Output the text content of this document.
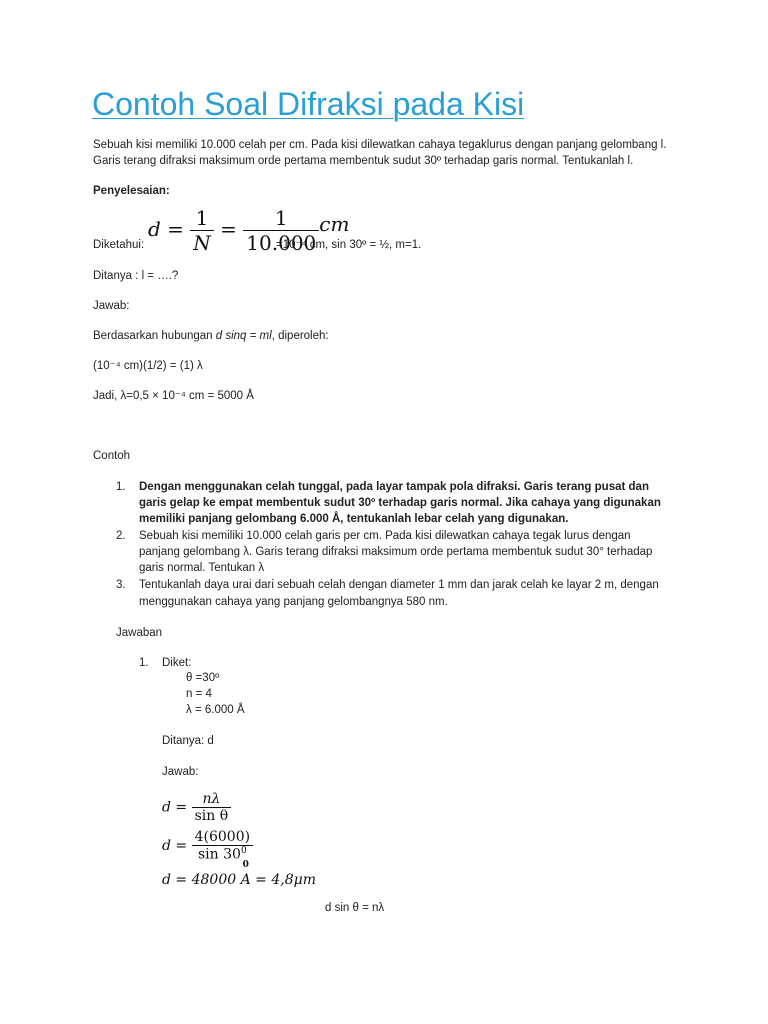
Contoh Soal Difraksi pada Kisi
Sebuah kisi memiliki 10.000 celah per cm. Pada kisi dilewatkan cahaya tegaklurus dengan panjang gelombang l.
Garis terang difraksi maksimum orde pertama membentuk sudut 30º terhadap garis normal. Tentukanlah l.
Penyelesaian:
Diketahui:
$d = \frac{1}{N} = \frac{1}{10.000}$ cm
=10⁻⁴ cm, sin 30º = ½, m=1.
Ditanya : l = ….?
Jawab:
Berdasarkan hubungan d sinq = ml, diperoleh:
(10⁻⁴ cm)(1/2) = (1) λ
Jadi, λ=0,5 × 10⁻⁴ cm = 5000 Å
Contoh
1. Dengan menggunakan celah tunggal, pada layar tampak pola difraksi. Garis terang pusat dan
garis gelap ke empat membentuk sudut 30º terhadap garis normal. Jika cahaya yang digunakan
memiliki panjang gelombang 6.000 Å, tentukanlah lebar celah yang digunakan.
2. Sebuah kisi memiliki 10.000 celah garis per cm. Pada kisi dilewatkan cahaya tegak lurus dengan
panjang gelombang λ. Garis terang difraksi maksimum orde pertama membentuk sudut 30° terhadap
garis normal. Tentukan λ
3. Tentukanlah daya urai dari sebuah celah dengan diameter 1 mm dan jarak celah ke layar 2 m, dengan
menggunakan cahaya yang panjang gelombangnya 580 nm.
Jawaban
1. Diket:
θ =30º
n = 4
λ = 6.000 Å
Ditanya: d
Jawab:
$d = \frac{n\lambda}{\text{sin θ}}$
$d = \frac{4(6000)}{\sin 30^0}$
d = 48000
0
A = 4,8μm
d sin θ = nλ
